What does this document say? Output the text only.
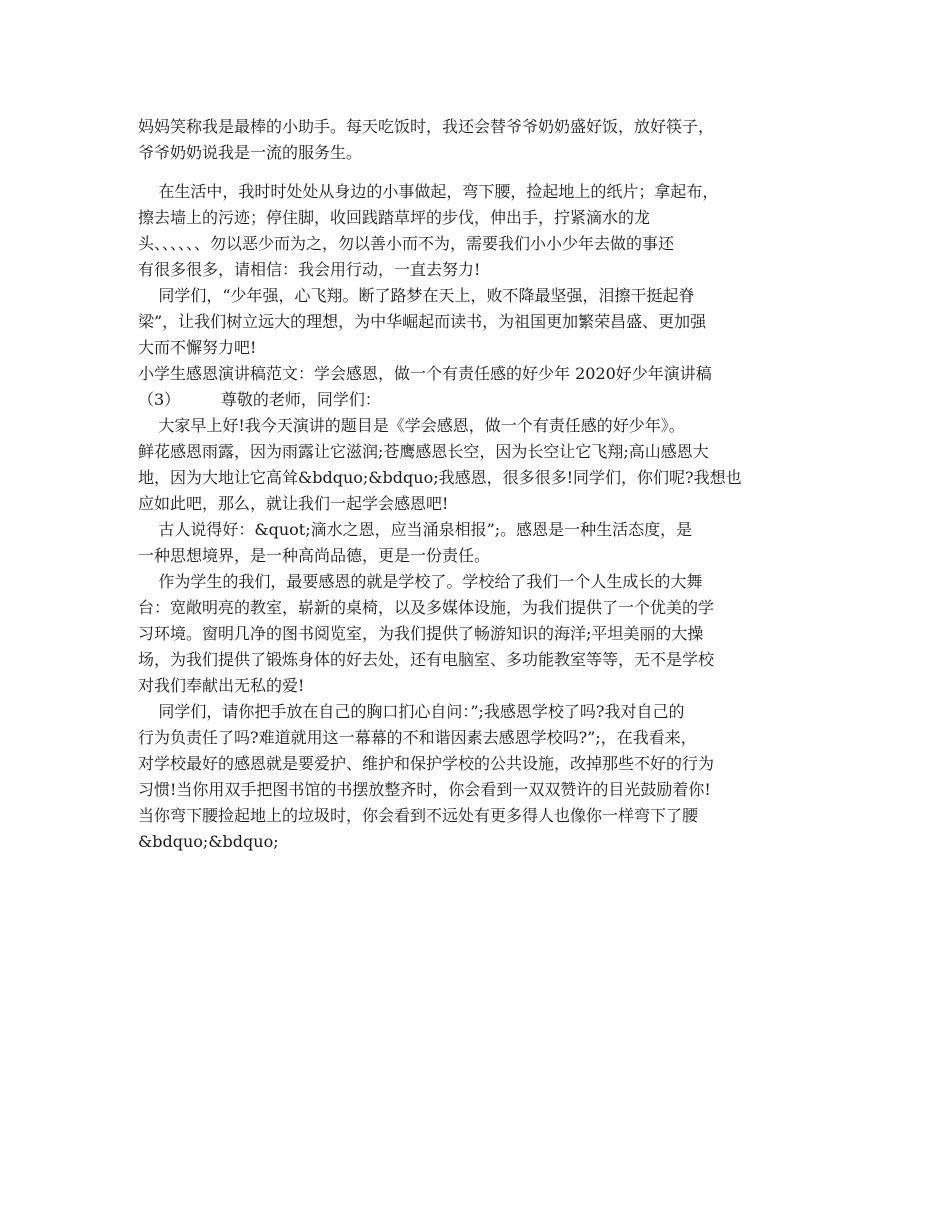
妈妈笑称我是最棒的小助手。每天吃饭时，我还会替爷爷奶奶盛好饭，放好筷子，
爷爷奶奶说我是一流的服务生。
在生活中，我时时处处从身边的小事做起，弯下腰，捡起地上的纸片；拿起布，
擦去墙上的污迹；停住脚，收回践踏草坪的步伐，伸出手，拧紧滴水的龙
头、、、、、、勿以恶少而为之，勿以善小而不为，需要我们小小少年去做的事还
有很多很多，请相信：我会用行动，一直去努力!
同学们，“少年强，心飞翔。断了路梦在天上，败不降最坚强，泪擦干挺起脊
梁”，让我们树立远大的理想，为中华崛起而读书，为祖国更加繁荣昌盛、更加强
大而不懈努力吧!
小学生感恩演讲稿范文：学会感恩，做一个有责任感的好少年 2020好少年演讲稿
（3）        尊敬的老师，同学们：
大家早上好!我今天演讲的题目是《学会感恩，做一个有责任感的好少年》。
鲜花感恩雨露，因为雨露让它滋润;苍鹰感恩长空，因为长空让它飞翔;高山感恩大
地，因为大地让它高耸&bdquo;&bdquo;我感恩，很多很多!同学们，你们呢?我想也
应如此吧，那么，就让我们一起学会感恩吧!
古人说得好：&quot;滴水之恩，应当涌泉相报”;。感恩是一种生活态度，是
一种思想境界，是一种高尚品德，更是一份责任。
作为学生的我们，最要感恩的就是学校了。学校给了我们一个人生成长的大舞
台：宽敞明亮的教室，崭新的桌椅，以及多媒体设施，为我们提供了一个优美的学
习环境。窗明几净的图书阅览室，为我们提供了畅游知识的海洋;平坦美丽的大操
场，为我们提供了锻炼身体的好去处，还有电脑室、多功能教室等等，无不是学校
对我们奉献出无私的爱!
同学们，请你把手放在自己的胸口扪心自问：”;我感恩学校了吗?我对自己的
行为负责任了吗?难道就用这一幕幕的不和谐因素去感恩学校吗?”;，在我看来，
对学校最好的感恩就是要爱护、维护和保护学校的公共设施，改掉那些不好的行为
习惯!当你用双手把图书馆的书摆放整齐时，你会看到一双双赞许的目光鼓励着你!
当你弯下腰捡起地上的垃圾时，你会看到不远处有更多得人也像你一样弯下了腰
&bdquo;&bdquo;
